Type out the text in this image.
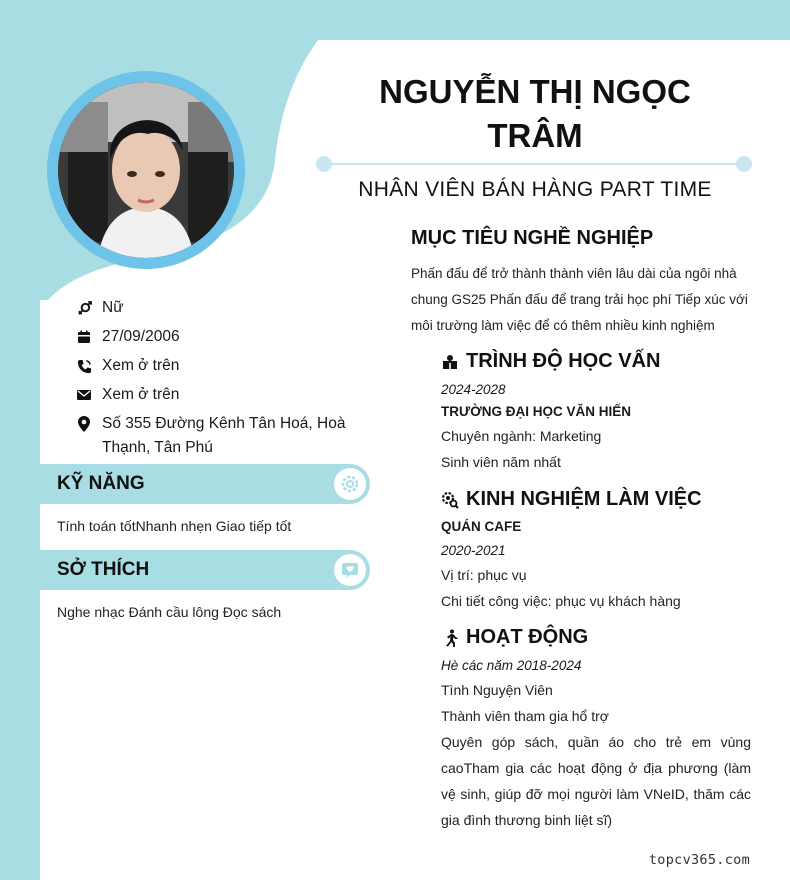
NGUYỄN THỊ NGỌC TRÂM
NHÂN VIÊN BÁN HÀNG PART TIME
Nữ
27/09/2006
Xem ở trên
Xem ở trên
Số 355 Đường Kênh Tân Hoá, Hoà Thạnh, Tân Phú
KỸ NĂNG
Tính toán tốtNhanh nhẹn Giao tiếp tốt
SỞ THÍCH
Nghe nhạc Đánh cầu lông Đọc sách
MỤC TIÊU NGHỀ NGHIỆP
Phấn đấu để trở thành thành viên lâu dài của ngôi nhà chung GS25 Phấn đấu để trang trải học phí Tiếp xúc với môi trường làm việc để có thêm nhiều kinh nghiệm
TRÌNH ĐỘ HỌC VẤN
2024-2028
TRƯỜNG ĐẠI HỌC VĂN HIẾN
Chuyên ngành: Marketing
Sinh viên năm nhất
KINH NGHIỆM LÀM VIỆC
QUÁN CAFE
2020-2021
Vị trí: phục vụ
Chi tiết công việc: phục vụ khách hàng
HOẠT ĐỘNG
Hè các năm 2018-2024
Tình Nguyện Viên
Thành viên tham gia hổ trợ
Quyên góp sách, quần áo cho trẻ em vùng caoTham gia các hoạt động ở địa phương (làm vệ sinh, giúp đỡ mọi người làm VNeID, thăm các gia đình thương binh liệt sĩ)
topcv365.com
